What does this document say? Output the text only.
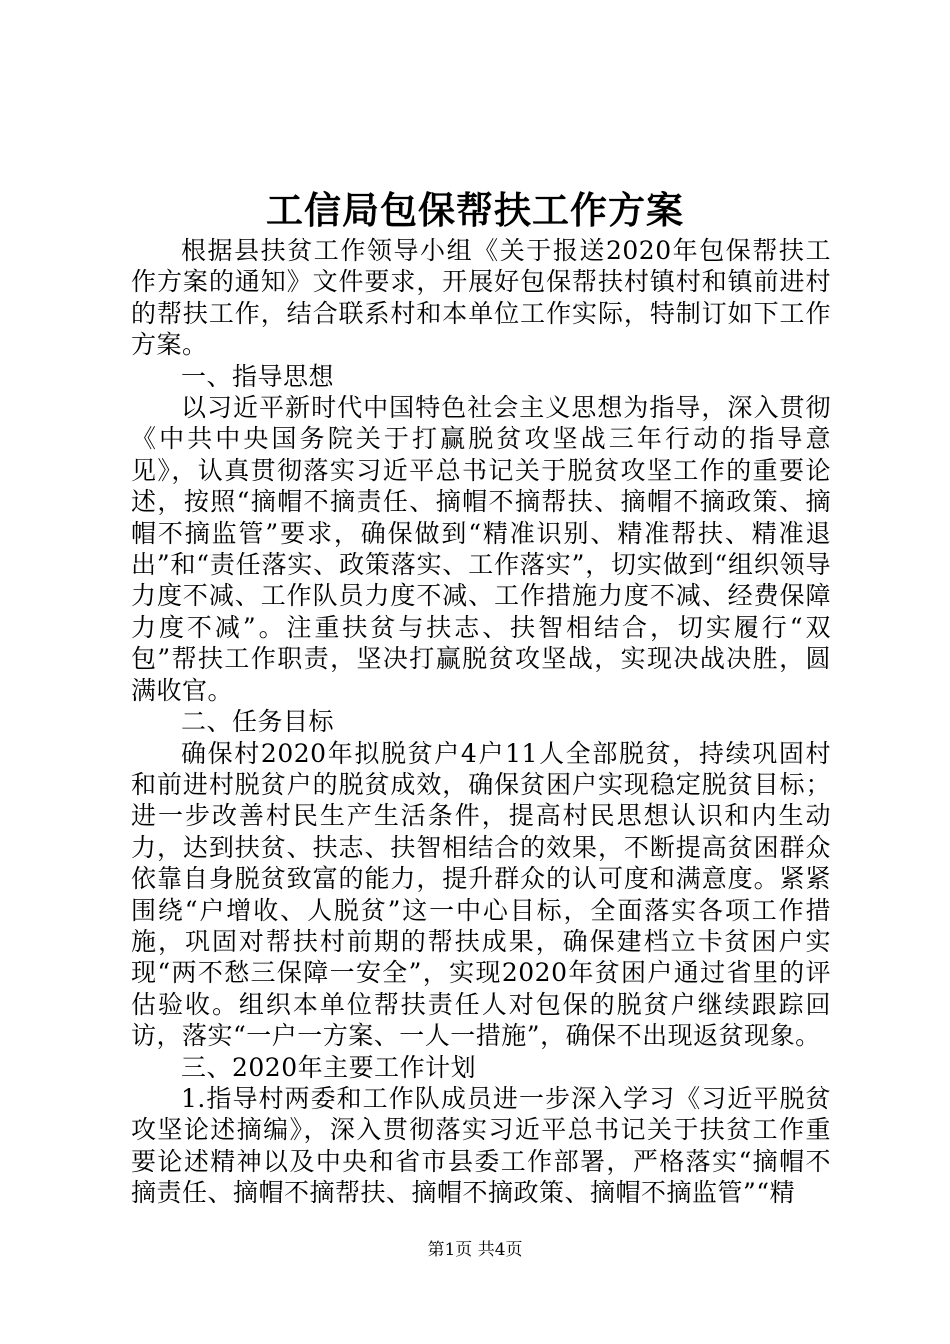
工信局包保帮扶工作方案

根据县扶贫工作领导小组《关于报送2020年包保帮扶工作方案的通知》文件要求，开展好包保帮扶村镇村和镇前进村的帮扶工作，结合联系村和本单位工作实际，特制订如下工作方案。

一、指导思想

以习近平新时代中国特色社会主义思想为指导，深入贯彻《中共中央国务院关于打赢脱贫攻坚战三年行动的指导意见》，认真贯彻落实习近平总书记关于脱贫攻坚工作的重要论述，按照“摘帽不摘责任、摘帽不摘帮扶、摘帽不摘政策、摘帽不摘监管”要求，确保做到“精准识别、精准帮扶、精准退出”和“责任落实、政策落实、工作落实”，切实做到“组织领导力度不减、工作队员力度不减、工作措施力度不减、经费保障力度不减”。注重扶贫与扶志、扶智相结合，切实履行“双包”帮扶工作职责，坚决打赢脱贫攻坚战，实现决战决胜，圆满收官。

二、任务目标

确保村2020年拟脱贫户4户11人全部脱贫，持续巩固村和前进村脱贫户的脱贫成效，确保贫困户实现稳定脱贫目标；进一步改善村民生产生活条件，提高村民思想认识和内生动力，达到扶贫、扶志、扶智相结合的效果，不断提高贫困群众依靠自身脱贫致富的能力，提升群众的认可度和满意度。紧紧围绕“户增收、人脱贫”这一中心目标，全面落实各项工作措施，巩固对帮扶村前期的帮扶成果，确保建档立卡贫困户实现“两不愁三保障一安全”，实现2020年贫困户通过省里的评估验收。组织本单位帮扶责任人对包保的脱贫户继续跟踪回访，落实“一户一方案、一人一措施”，确保不出现返贫现象。

三、2020年主要工作计划

1.指导村两委和工作队成员进一步深入学习《习近平脱贫攻坚论述摘编》，深入贯彻落实习近平总书记关于扶贫工作重要论述精神以及中央和省市县委工作部署，严格落实“摘帽不摘责任、摘帽不摘帮扶、摘帽不摘政策、摘帽不摘监管”“精

第1页 共4页
